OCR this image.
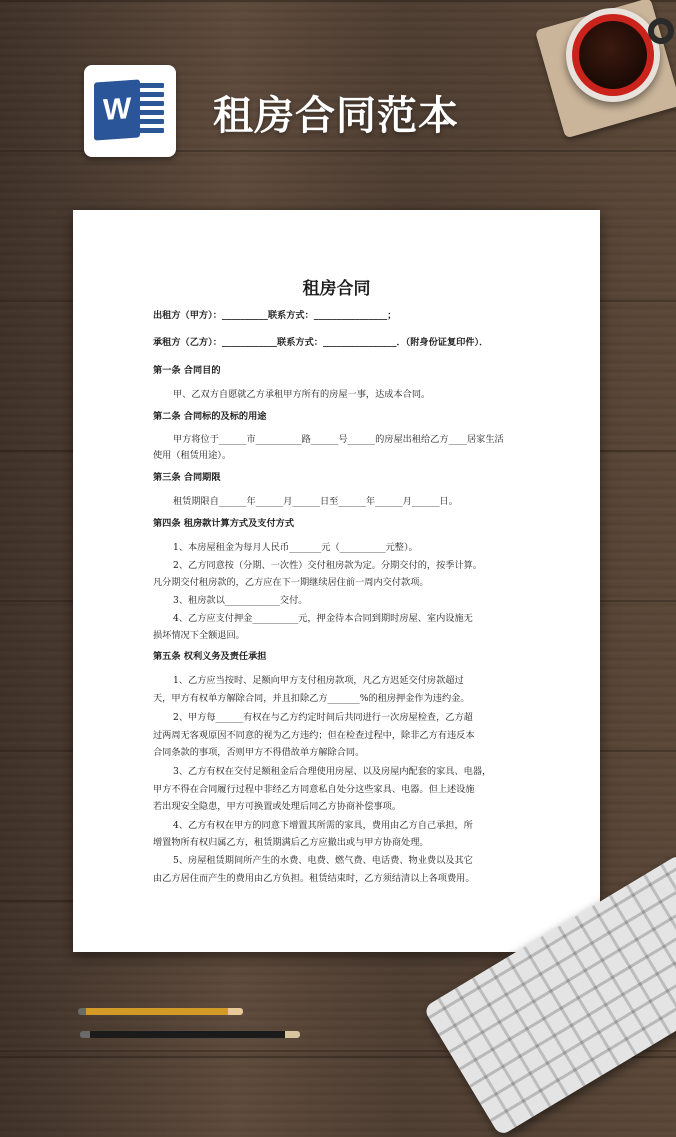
W 租房合同范本
租房合同
出租方（甲方）：__________联系方式：________________；
承租方（乙方）：____________联系方式：________________．（附身份证复印件）．
第一条 合同目的
甲、乙双方自愿就乙方承租甲方所有的房屋一事，达成本合同。
第二条 合同标的及标的用途
甲方将位于______市__________路______号______的房屋出租给乙方____居家生活
使用（租赁用途）。
第三条 合同期限
租赁期限自______年______月______日至______年______月______日。
第四条 租房款计算方式及支付方式
1、本房屋租金为每月人民币_______元（__________元整）。
2、乙方同意按（分期、一次性）交付租房款为定。分期交付的，按季计算。
凡分期交付租房款的，乙方应在下一期继续居住前一周内交付款项。
3、租房款以____________交付。
4、乙方应支付押金__________元，押金待本合同到期时房屋、室内设施无
损坏情况下全额退回。
第五条 权利义务及责任承担
1、乙方应当按时、足额向甲方支付租房款项，凡乙方迟延交付房款超过
天，甲方有权单方解除合同，并且扣除乙方_______%的租房押金作为违约金。
2、甲方每______有权在与乙方约定时间后共同进行一次房屋检查，乙方超
过两周无客观原因不同意的视为乙方违约；但在检查过程中，除非乙方有违反本
合同条款的事项，否则甲方不得借故单方解除合同。
3、乙方有权在交付足额租金后合理使用房屋、以及房屋内配套的家具、电器，
甲方不得在合同履行过程中非经乙方同意私自处分这些家具、电器。但上述设施
若出现安全隐患，甲方可换置或处理后同乙方协商补偿事项。
4、乙方有权在甲方的同意下增置其所需的家具，费用由乙方自己承担，所
增置物所有权归属乙方，租赁期满后乙方应撤出或与甲方协商处理。
5、房屋租赁期间所产生的水费、电费、燃气费、电话费、物业费以及其它
由乙方居住而产生的费用由乙方负担。租赁结束时，乙方须结清以上各项费用。
